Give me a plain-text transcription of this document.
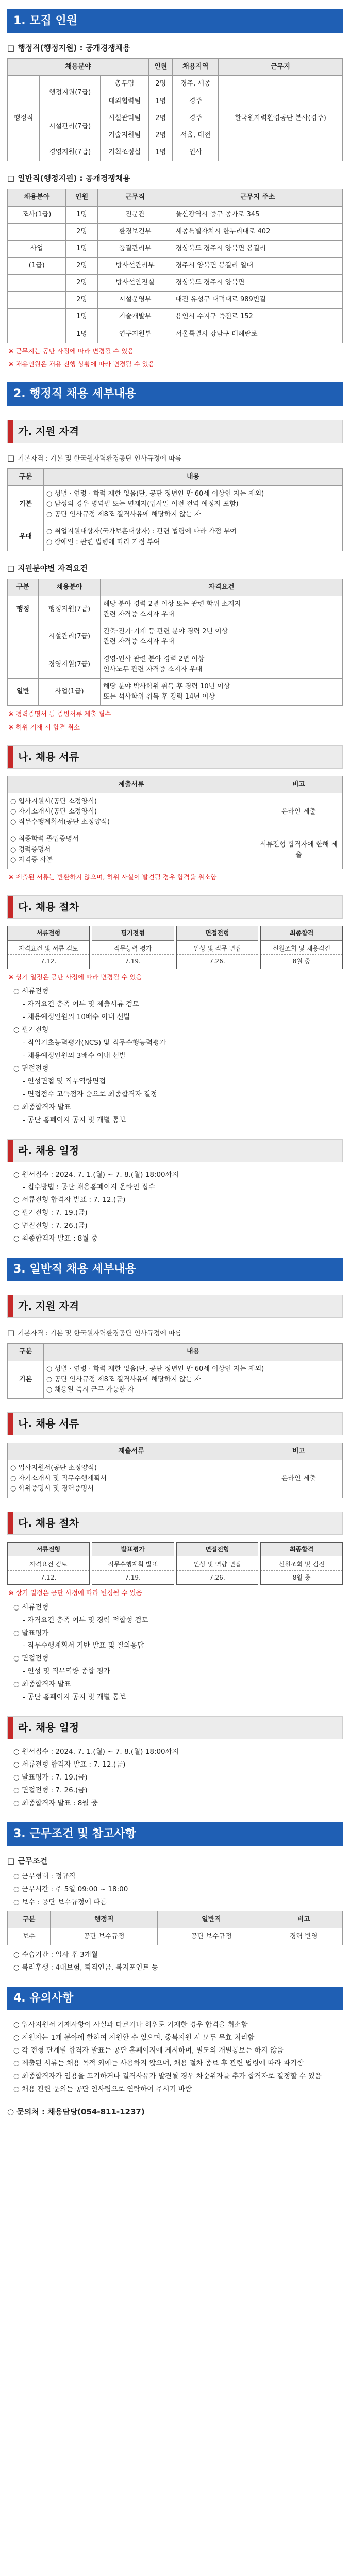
1. 모집 인원
□ 행정직(행정지원) : 공개경쟁채용
채용분야			인원	채용지역	근무지
행정직	행정지원(7급)	총무팀	2명	경주, 세종	한국원자력환경공단 본사(경주)
		대외협력팀	1명	경주	
	시설관리(7급)	시설관리팀	2명	경주	
		기술지원팀	2명	서울, 대전	
	경영지원(7급)	기획조정실	1명	인사	
□ 일반직(행정지원) : 공개경쟁채용
채용분야	인원	근무직	근무지 주소
조사(1급)	1명	전문관	울산광역시 중구 종가로 345
	2명	환경보건부	세종특별자치시 한누리대로 402
사업	1명	품질관리부	경상북도 경주시 양북면 봉길리
(1급)	2명	방사선관리부	경주시 양북면 봉길리 일대
	2명	방사선안전실	경상북도 경주시 양북면
	2명	시설운영부	대전 유성구 대덕대로 989번길
	1명	기술개발부	용인시 수지구 죽전로 152
	1명	연구지원부	서울특별시 강남구 테헤란로
※ 근무지는 공단 사정에 따라 변경될 수 있음
※ 채용인원은 채용 진행 상황에 따라 변경될 수 있음
2. 행정직 채용 세부내용
가. 지원 자격
□ 기본자격 : 기본 및 한국원자력환경공단 인사규정에 따름
구분	내용
기본	○ 성별 · 연령 · 학력 제한 없음(단, 공단 정년인 만 60세 이상인 자는 제외)
○ 남성의 경우 병역필 또는 면제자(입사일 이전 전역 예정자 포함)
○ 공단 인사규정 제8조 결격사유에 해당하지 않는 자
우대	○ 취업지원대상자(국가보훈대상자) : 관련 법령에 따라 가점 부여
○ 장애인 : 관련 법령에 따라 가점 부여
□ 지원분야별 자격요건
구분	채용분야	자격요건
행정	행정지원(7급)	해당 분야 경력 2년 이상 또는 관련 학위 소지자
관련 자격증 소지자 우대
	시설관리(7급)	건축·전기·기계 등 관련 분야 경력 2년 이상
관련 자격증 소지자 우대
	경영지원(7급)	경영·인사 관련 분야 경력 2년 이상
인사노무 관련 자격증 소지자 우대
일반	사업(1급)	해당 분야 박사학위 취득 후 경력 10년 이상
또는 석사학위 취득 후 경력 14년 이상
※ 경력증명서 등 증빙서류 제출 필수
※ 허위 기재 시 합격 취소
나. 채용 서류
제출서류	비고
○ 입사지원서(공단 소정양식)
○ 자기소개서(공단 소정양식)
○ 직무수행계획서(공단 소정양식)	온라인 제출
○ 최종학력 졸업증명서
○ 경력증명서
○ 자격증 사본	서류전형 합격자에 한해 제출
※ 제출된 서류는 반환하지 않으며, 허위 사실이 발견될 경우 합격을 취소함
다. 채용 절차
서류전형
자격요건 및 서류 검토
7.12.
필기전형
직무능력 평가
7.19.
면접전형
인성 및 직무 면접
7.26.
최종합격
신원조회 및 채용검진
8월 중
※ 상기 일정은 공단 사정에 따라 변경될 수 있음
○ 서류전형
- 자격요건 충족 여부 및 제출서류 검토
- 채용예정인원의 10배수 이내 선발
○ 필기전형
- 직업기초능력평가(NCS) 및 직무수행능력평가
- 채용예정인원의 3배수 이내 선발
○ 면접전형
- 인성면접 및 직무역량면접
- 면접점수 고득점자 순으로 최종합격자 결정
○ 최종합격자 발표
- 공단 홈페이지 공지 및 개별 통보
라. 채용 일정
○ 원서접수 : 2024. 7. 1.(월) ~ 7. 8.(월) 18:00까지
- 접수방법 : 공단 채용홈페이지 온라인 접수
○ 서류전형 합격자 발표 : 7. 12.(금)
○ 필기전형 : 7. 19.(금)
○ 면접전형 : 7. 26.(금)
○ 최종합격자 발표 : 8월 중
3. 일반직 채용 세부내용
가. 지원 자격
□ 기본자격 : 기본 및 한국원자력환경공단 인사규정에 따름
구분	내용
기본	○ 성별 · 연령 · 학력 제한 없음(단, 공단 정년인 만 60세 이상인 자는 제외)
○ 공단 인사규정 제8조 결격사유에 해당하지 않는 자
○ 채용일 즉시 근무 가능한 자
나. 채용 서류
제출서류	비고
○ 입사지원서(공단 소정양식)
○ 자기소개서 및 직무수행계획서
○ 학위증명서 및 경력증명서	온라인 제출
다. 채용 절차
서류전형
자격요건 검토
7.12.
발표평가
직무수행계획 발표
7.19.
면접전형
인성 및 역량 면접
7.26.
최종합격
신원조회 및 검진
8월 중
※ 상기 일정은 공단 사정에 따라 변경될 수 있음
○ 서류전형
- 자격요건 충족 여부 및 경력 적합성 검토
○ 발표평가
- 직무수행계획서 기반 발표 및 질의응답
○ 면접전형
- 인성 및 직무역량 종합 평가
○ 최종합격자 발표
- 공단 홈페이지 공지 및 개별 통보
라. 채용 일정
○ 원서접수 : 2024. 7. 1.(월) ~ 7. 8.(월) 18:00까지
○ 서류전형 합격자 발표 : 7. 12.(금)
○ 발표평가 : 7. 19.(금)
○ 면접전형 : 7. 26.(금)
○ 최종합격자 발표 : 8월 중
3. 근무조건 및 참고사항
□ 근무조건
○ 근무형태 : 정규직
○ 근무시간 : 주 5일 09:00 ~ 18:00
○ 보수 : 공단 보수규정에 따름
구분	행정직	일반직	비고
보수	공단 보수규정	공단 보수규정	경력 반영
○ 수습기간 : 입사 후 3개월
○ 복리후생 : 4대보험, 퇴직연금, 복지포인트 등
4. 유의사항
○ 입사지원서 기재사항이 사실과 다르거나 허위로 기재한 경우 합격을 취소함
○ 지원자는 1개 분야에 한하여 지원할 수 있으며, 중복지원 시 모두 무효 처리함
○ 각 전형 단계별 합격자 발표는 공단 홈페이지에 게시하며, 별도의 개별통보는 하지 않음
○ 제출된 서류는 채용 목적 외에는 사용하지 않으며, 채용 절차 종료 후 관련 법령에 따라 파기함
○ 최종합격자가 임용을 포기하거나 결격사유가 발견될 경우 차순위자를 추가 합격자로 결정할 수 있음
○ 채용 관련 문의는 공단 인사팀으로 연락하여 주시기 바람
○ 문의처 : 채용담당(054-811-1237)
